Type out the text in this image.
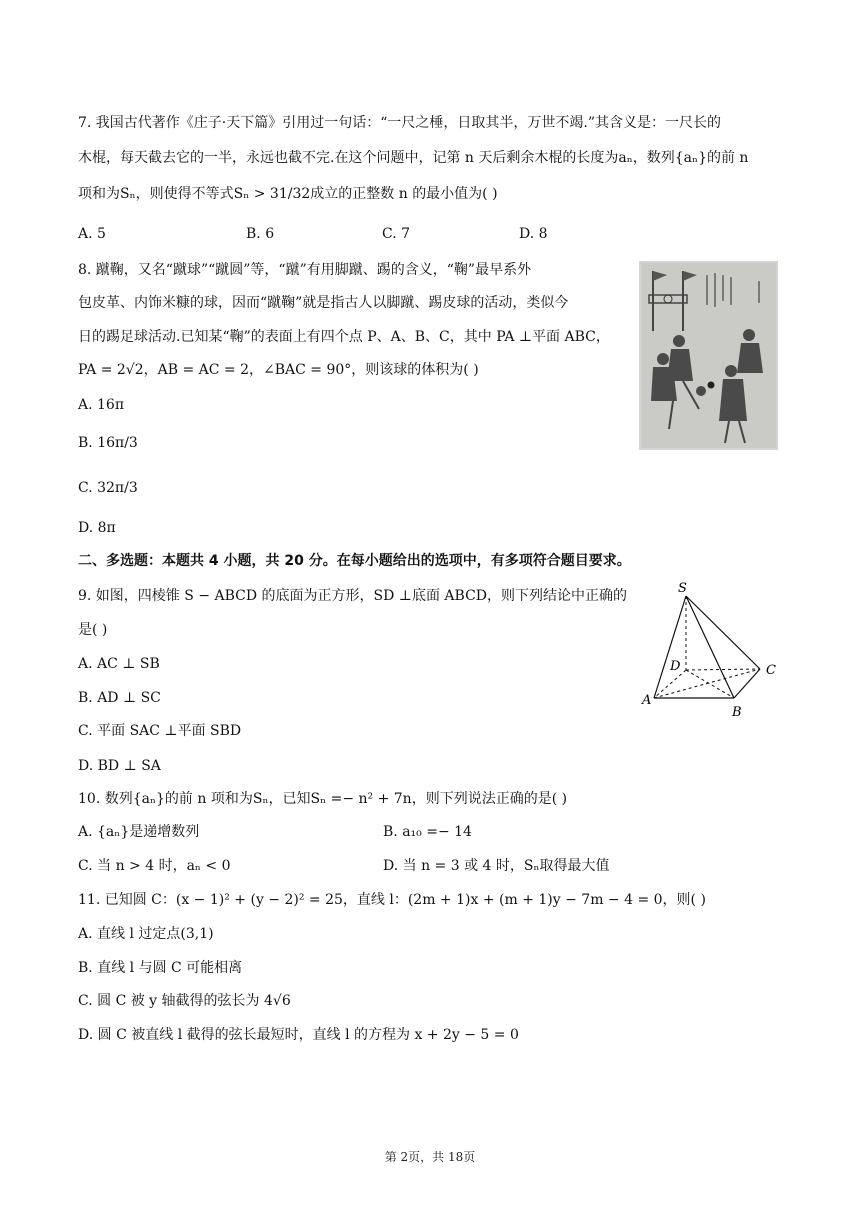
7. 我国古代著作《庄子·天下篇》引用过一句话：“一尺之棰，日取其半，万世不竭.”其含义是：一尺长的
木棍，每天截去它的一半，永远也截不完.在这个问题中，记第 n 天后剩余木棍的长度为aₙ，数列{aₙ}的前 n
项和为Sₙ，则使得不等式Sₙ > 31/32成立的正整数 n 的最小值为( )
A. 5	B. 6	C. 7	D. 8
8. 蹴鞠，又名“蹴球”“蹴圆”等，“蹴”有用脚蹴、踢的含义，“鞠”最早系外
包皮革、内饰米糠的球，因而“蹴鞠”就是指古人以脚蹴、踢皮球的活动，类似今
日的踢足球活动.已知某“鞠”的表面上有四个点 P、A、B、C，其中 PA ⊥平面 ABC，
PA = 2√2，AB = AC = 2，∠BAC = 90°，则该球的体积为( )
A. 16π
B. 16π/3
C. 32π/3
D. 8π
二、多选题：本题共 4 小题，共 20 分。在每小题给出的选项中，有多项符合题目要求。
9. 如图，四棱锥 S − ABCD 的底面为正方形，SD ⊥底面 ABCD，则下列结论中正确的
是( )
A. AC ⊥ SB
B. AD ⊥ SC
C. 平面 SAC ⊥平面 SBD
D. BD ⊥ SA
S
D	C
A
B
10. 数列{aₙ}的前 n 项和为Sₙ，已知Sₙ =− n² + 7n，则下列说法正确的是( )
A. {aₙ}是递增数列	B. a₁₀ =− 14
C. 当 n > 4 时，aₙ < 0	D. 当 n = 3 或 4 时，Sₙ取得最大值
11. 已知圆 C：(x − 1)² + (y − 2)² = 25，直线 l：(2m + 1)x + (m + 1)y − 7m − 4 = 0，则( )
A. 直线 l 过定点(3,1)
B. 直线 l 与圆 C 可能相离
C. 圆 C 被 y 轴截得的弦长为 4√6
D. 圆 C 被直线 l 截得的弦长最短时，直线 l 的方程为 x + 2y − 5 = 0
第 2页，共 18页
